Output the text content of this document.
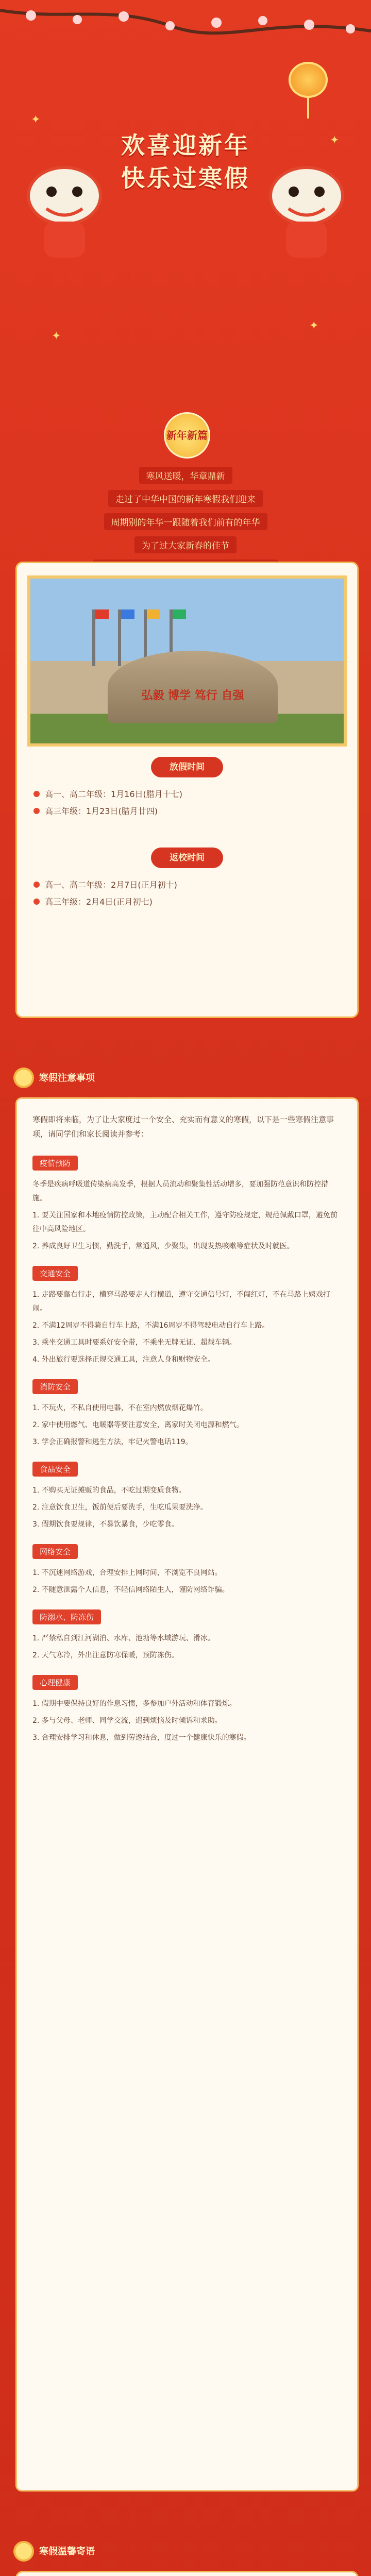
✦
✦
✦
✦
欢喜迎新年
快乐过寒假
新年新篇
寒风送暖，华章鼎新
走过了中华中国的新年寒假我们迎来
周期别的年华一跟随着我们前有的年华
为了过大家新春的佳节
弘毅 博学 笃行 自强
放假时间
高一、高二年级：1月16日(腊月十七)
高三年级：1月23日(腊月廿四)
返校时间
高一、高二年级：2月7日(正月初十)
高三年级：2月4日(正月初七)
寒假注意事项
寒假即将来临，为了让大家度过一个安全、充实而有意义的寒假，以下是一些寒假注意事项，请同学们和家长阅读并参考：
疫情预防
冬季是疾病呼吸道传染病高发季，根据人员流动和聚集性活动增多，要加强防范意识和防控措施。
1. 要关注国家和本地疫情防控政策，主动配合相关工作，遵守防疫规定，规范佩戴口罩，避免前往中高风险地区。
2. 养成良好卫生习惯，勤洗手，常通风，少聚集，出现发热咳嗽等症状及时就医。
交通安全
1. 走路要靠右行走，横穿马路要走人行横道，遵守交通信号灯，不闯红灯，不在马路上嬉戏打闹。
2. 不满12周岁不得骑自行车上路，不满16周岁不得驾驶电动自行车上路。
3. 乘坐交通工具时要系好安全带，不乘坐无牌无证、超载车辆。
4. 外出旅行要选择正规交通工具，注意人身和财物安全。
消防安全
1. 不玩火，不私自使用电器，不在室内燃放烟花爆竹。
2. 家中使用燃气、电暖器等要注意安全，离家时关闭电源和燃气。
3. 学会正确报警和逃生方法，牢记火警电话119。
食品安全
1. 不购买无证摊贩的食品，不吃过期变质食物。
2. 注意饮食卫生，饭前便后要洗手，生吃瓜果要洗净。
3. 假期饮食要规律，不暴饮暴食，少吃零食。
网络安全
1. 不沉迷网络游戏，合理安排上网时间，不浏览不良网站。
2. 不随意泄露个人信息，不轻信网络陌生人，谨防网络诈骗。
防溺水、防冻伤
1. 严禁私自到江河湖泊、水库、池塘等水域游玩、滑冰。
2. 天气寒冷，外出注意防寒保暖，预防冻伤。
心理健康
1. 假期中要保持良好的作息习惯，多参加户外活动和体育锻炼。
2. 多与父母、老师、同学交流，遇到烦恼及时倾诉和求助。
3. 合理安排学习和休息，做到劳逸结合，度过一个健康快乐的寒假。
寒假温馨寄语
